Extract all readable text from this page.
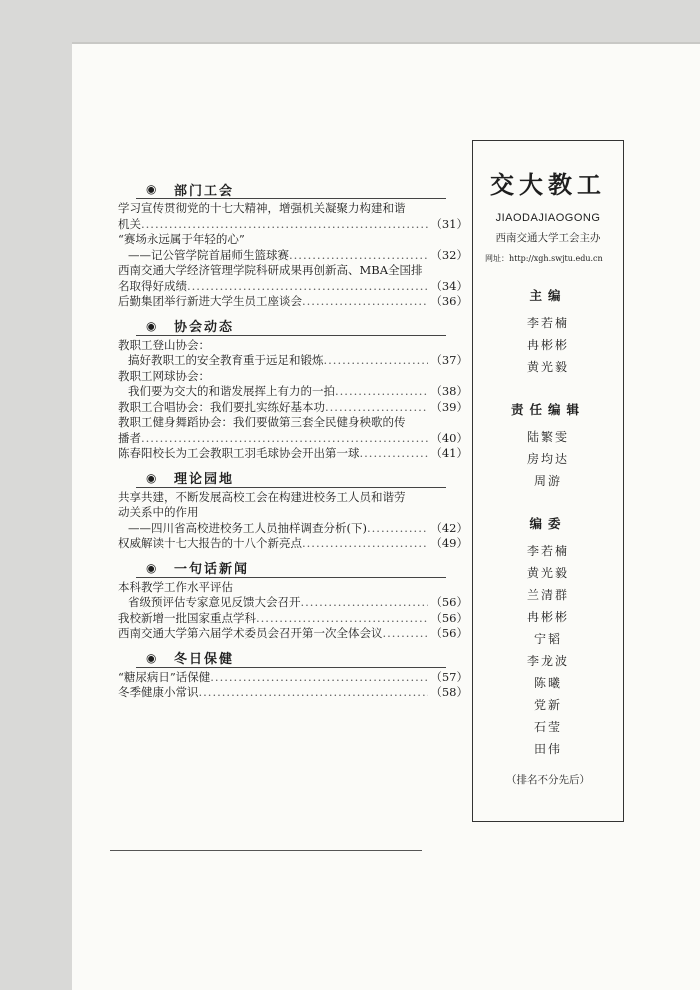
◉	部门工会
学习宣传贯彻党的十七大精神，增强机关凝聚力构建和谐
机关 .....	（31）
“赛场永远属于年轻的心”
——记公管学院首届师生篮球赛 .....	（32）
西南交通大学经济管理学院科研成果再创新高、MBA全国排
名取得好成绩 .....	（34）
后勤集团举行新进大学生员工座谈会 .....	（36）
◉	协会动态
教职工登山协会：
搞好教职工的安全教育重于远足和锻炼 .....	（37）
教职工网球协会：
我们要为交大的和谐发展挥上有力的一拍 .....	（38）
教职工合唱协会：我们要扎实练好基本功 .....	（39）
教职工健身舞蹈协会：我们要做第三套全民健身秧歌的传
播者 .....	（40）
陈春阳校长为工会教职工羽毛球协会开出第一球 .....	（41）
◉	理论园地
共享共建，不断发展高校工会在构建进校务工人员和谐劳
动关系中的作用
——四川省高校进校务工人员抽样调查分析(下) .....	（42）
权威解读十七大报告的十八个新亮点 .....	（49）
◉	一句话新闻
本科教学工作水平评估
省级预评估专家意见反馈大会召开 .....	（56）
我校新增一批国家重点学科 .....	（56）
西南交通大学第六届学术委员会召开第一次全体会议 .....	（56）
◉	冬日保健
“糖尿病日”话保健 .....	（57）
冬季健康小常识 .....	（58）
交大教工
JIAODAJIAOGONG
西南交通大学工会主办
网址：http://xgh.swjtu.edu.cn
主编
李若楠
冉彬彬
黄光毅
责任编辑
陆繁雯
房均达
周游
编委
李若楠
黄光毅
兰清群
冉彬彬
宁韬
李龙波
陈曦
党新
石莹
田伟
（排名不分先后）
